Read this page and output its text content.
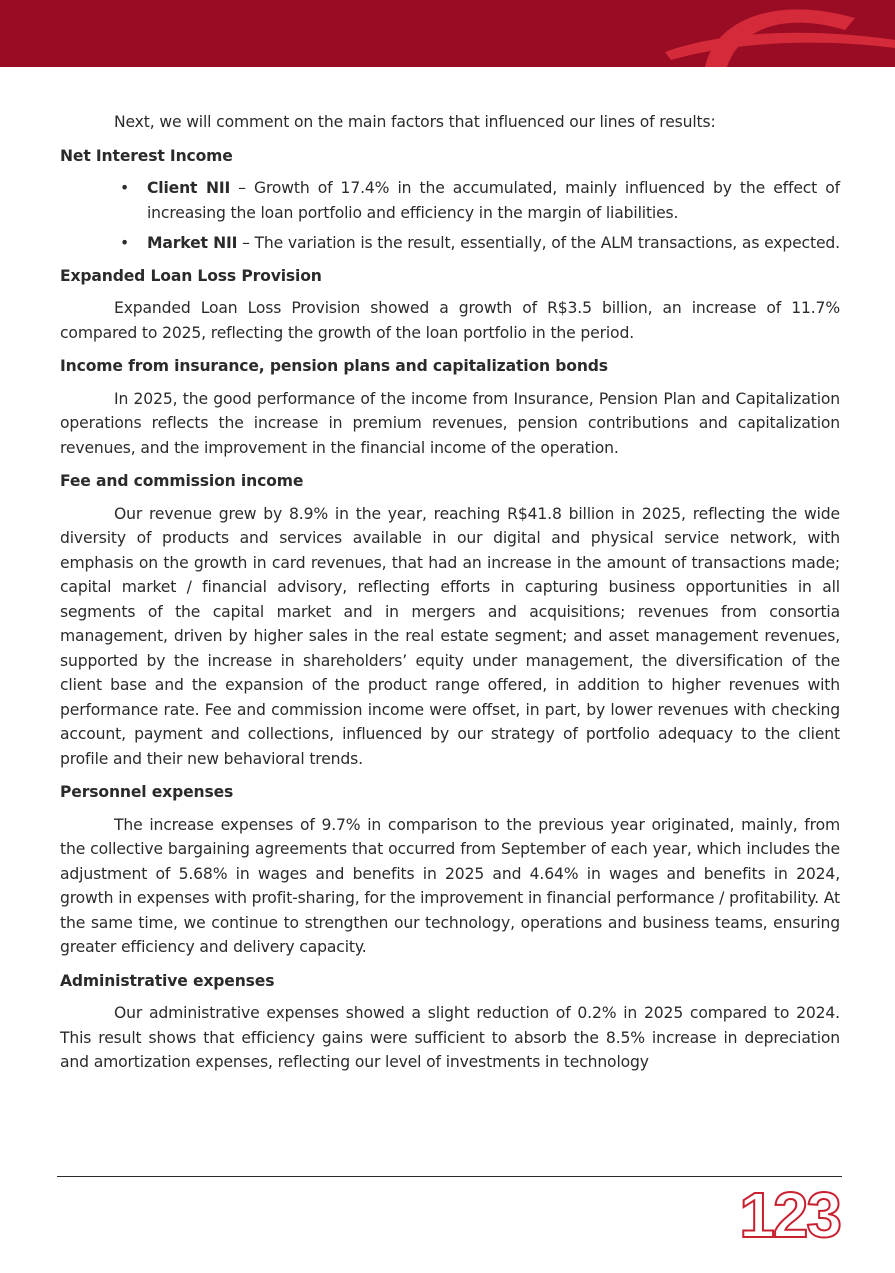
Next, we will comment on the main factors that influenced our lines of results:

Net Interest Income
• Client NII – Growth of 17.4% in the accumulated, mainly influenced by the effect of increasing the loan portfolio and efficiency in the margin of liabilities.
• Market NII – The variation is the result, essentially, of the ALM transactions, as expected.
Expanded Loan Loss Provision

Expanded Loan Loss Provision showed a growth of R$3.5 billion, an increase of 11.7% compared to 2025, reflecting the growth of the loan portfolio in the period.

Income from insurance, pension plans and capitalization bonds

In 2025, the good performance of the income from Insurance, Pension Plan and Capitalization operations reflects the increase in premium revenues, pension contributions and capitalization revenues, and the improvement in the financial income of the operation.

Fee and commission income

Our revenue grew by 8.9% in the year, reaching R$41.8 billion in 2025, reflecting the wide diversity of products and services available in our digital and physical service network, with emphasis on the growth in card revenues, that had an increase in the amount of transactions made; capital market / financial advisory, reflecting efforts in capturing business opportunities in all segments of the capital market and in mergers and acquisitions; revenues from consortia management, driven by higher sales in the real estate segment; and asset management revenues, supported by the increase in shareholders’ equity under management, the diversification of the client base and the expansion of the product range offered, in addition to higher revenues with performance rate. Fee and commission income were offset, in part, by lower revenues with checking account, payment and collections, influenced by our strategy of portfolio adequacy to the client profile and their new behavioral trends.

Personnel expenses

The increase expenses of 9.7% in comparison to the previous year originated, mainly, from the collective bargaining agreements that occurred from September of each year, which includes the adjustment of 5.68% in wages and benefits in 2025 and 4.64% in wages and benefits in 2024, growth in expenses with profit-sharing, for the improvement in financial performance / profitability. At the same time, we continue to strengthen our technology, operations and business teams, ensuring greater efficiency and delivery capacity.

Administrative expenses

Our administrative expenses showed a slight reduction of 0.2% in 2025 compared to 2024. This result shows that efficiency gains were sufficient to absorb the 8.5% increase in depreciation and amortization expenses, reflecting our level of investments in technology

123
